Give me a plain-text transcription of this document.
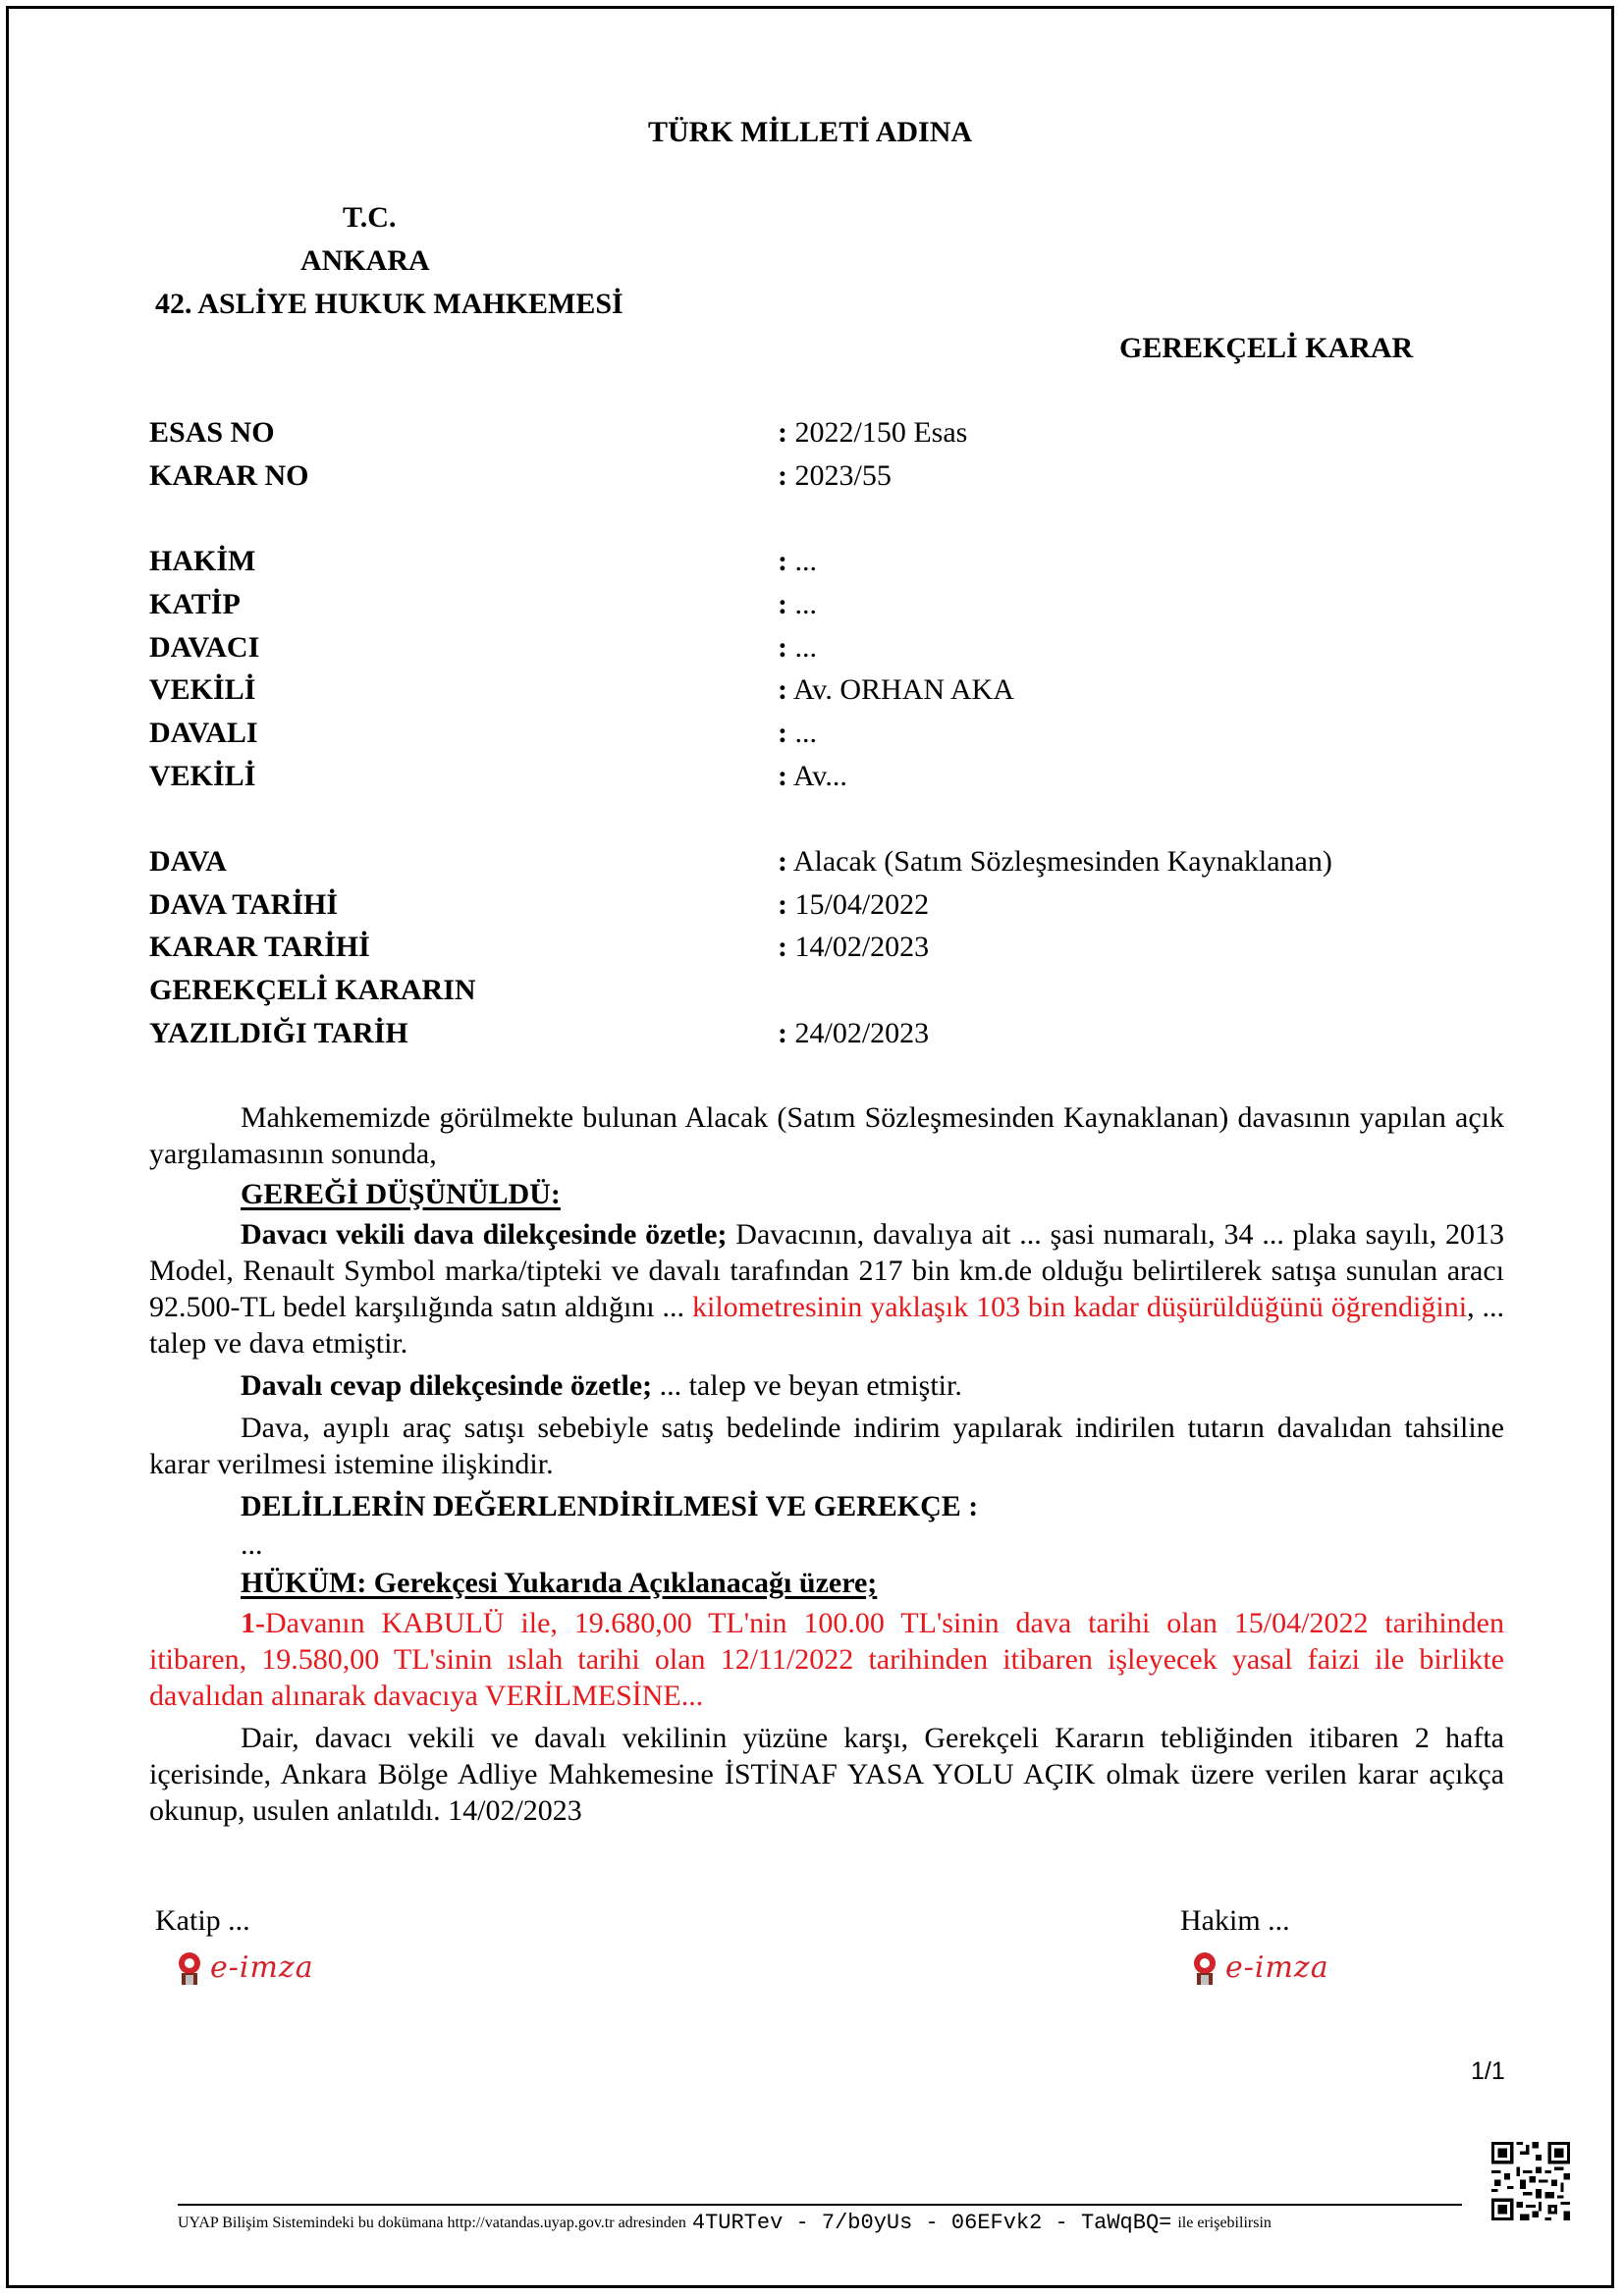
TÜRK MİLLETİ ADINA
T.C.
ANKARA
42. ASLİYE HUKUK MAHKEMESİ
GEREKÇELİ KARAR
ESAS NO	: 2022/150 Esas
KARAR NO	: 2023/55
HAKİM	: ...
KATİP	: ...
DAVACI	: ...
VEKİLİ	: Av. ORHAN AKA
DAVALI	: ...
VEKİLİ	: Av...
DAVA	: Alacak (Satım Sözleşmesinden Kaynaklanan)
DAVA TARİHİ	: 15/04/2022
KARAR TARİHİ	: 14/02/2023
GEREKÇELİ KARARIN
YAZILDIĞI TARİH	: 24/02/2023

Mahkememizde görülmekte bulunan Alacak (Satım Sözleşmesinden Kaynaklanan) davasının yapılan açık yargılamasının sonunda,

GEREĞİ DÜŞÜNÜLDÜ:

Davacı vekili dava dilekçesinde özetle; Davacının, davalıya ait ... şasi numaralı, 34 ... plaka sayılı, 2013 Model, Renault Symbol marka/tipteki ve davalı tarafından 217 bin km.de olduğu belirtilerek satışa sunulan aracı 92.500-TL bedel karşılığında satın aldığını ... kilometresinin yaklaşık 103 bin kadar düşürüldüğünü öğrendiğini, ... talep ve dava etmiştir.

Davalı cevap dilekçesinde özetle; ... talep ve beyan etmiştir.

Dava, ayıplı araç satışı sebebiyle satış bedelinde indirim yapılarak indirilen tutarın davalıdan tahsiline karar verilmesi istemine ilişkindir.

DELİLLERİN DEĞERLENDİRİLMESİ VE GEREKÇE :

...

HÜKÜM: Gerekçesi Yukarıda Açıklanacağı üzere;

1-Davanın KABULÜ ile, 19.680,00 TL'nin 100.00 TL'sinin dava tarihi olan 15/04/2022 tarihinden itibaren, 19.580,00 TL'sinin ıslah tarihi olan 12/11/2022 tarihinden itibaren işleyecek yasal faizi ile birlikte davalıdan alınarak davacıya VERİLMESİNE...

Dair, davacı vekili ve davalı vekilinin yüzüne karşı, Gerekçeli Kararın tebliğinden itibaren 2 hafta içerisinde, Ankara Bölge Adliye Mahkemesine İSTİNAF YASA YOLU AÇIK olmak üzere verilen karar açıkça okunup, usulen anlatıldı. 14/02/2023

Katip ...
e-imza
Hakim ...
e-imza
1/1
UYAP Bilişim Sistemindeki bu dokümana http://vatandas.uyap.gov.tr adresinden 4TURTev - 7/b0yUs - 06EFvk2 - TaWqBQ= ile erişebilirsin
